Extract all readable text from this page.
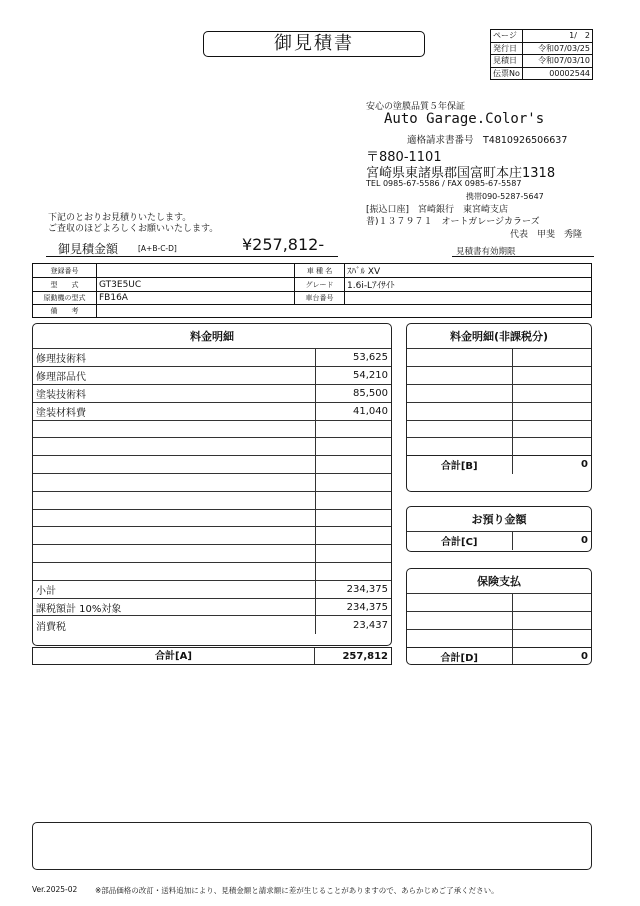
御見積書	ページ	1/　2
発行日	令和07/03/25
見積日	令和07/03/10
伝票No	00002544
安心の塗膜品質５年保証
Auto Garage.Color's
適格請求書番号　T4810926506637
〒880-1101
宮崎県東諸県郡国富町本庄1318
TEL 0985-67-5586 / FAX 0985-67-5587
携帯090-5287-5647
[振込口座]　宮崎銀行　東宮崎支店
普)１３７９７１　オートガレージカラーズ
代表　甲斐　秀隆
下記のとおりお見積りいたします。
ご査収のほどよろしくお願いいたします。
御見積金額	[A+B-C-D]	¥257,812-	見積書有効期限
登録番号		車 種 名	ｽﾊﾞﾙ XV
型　　式	GT3E5UC	グレード	1.6i-Lｱｲｻｲﾄ
原動機の型式	FB16A	車台番号	
備　　考			
料金明細
修理技術料	53,625
修理部品代	54,210
塗装技術料	85,500
塗装材料費	41,040

小計	234,375
課税額計 10%対象	234,375
消費税	23,437
合計[A]	257,812
料金明細(非課税分)

合計[B]	0
お預り金額
合計[C]	0
保険支払

合計[D]	0
Ver.2025-02 ※部品価格の改訂・送料追加により、見積金額と請求額に差が生じることがありますので、あらかじめご了承ください。
